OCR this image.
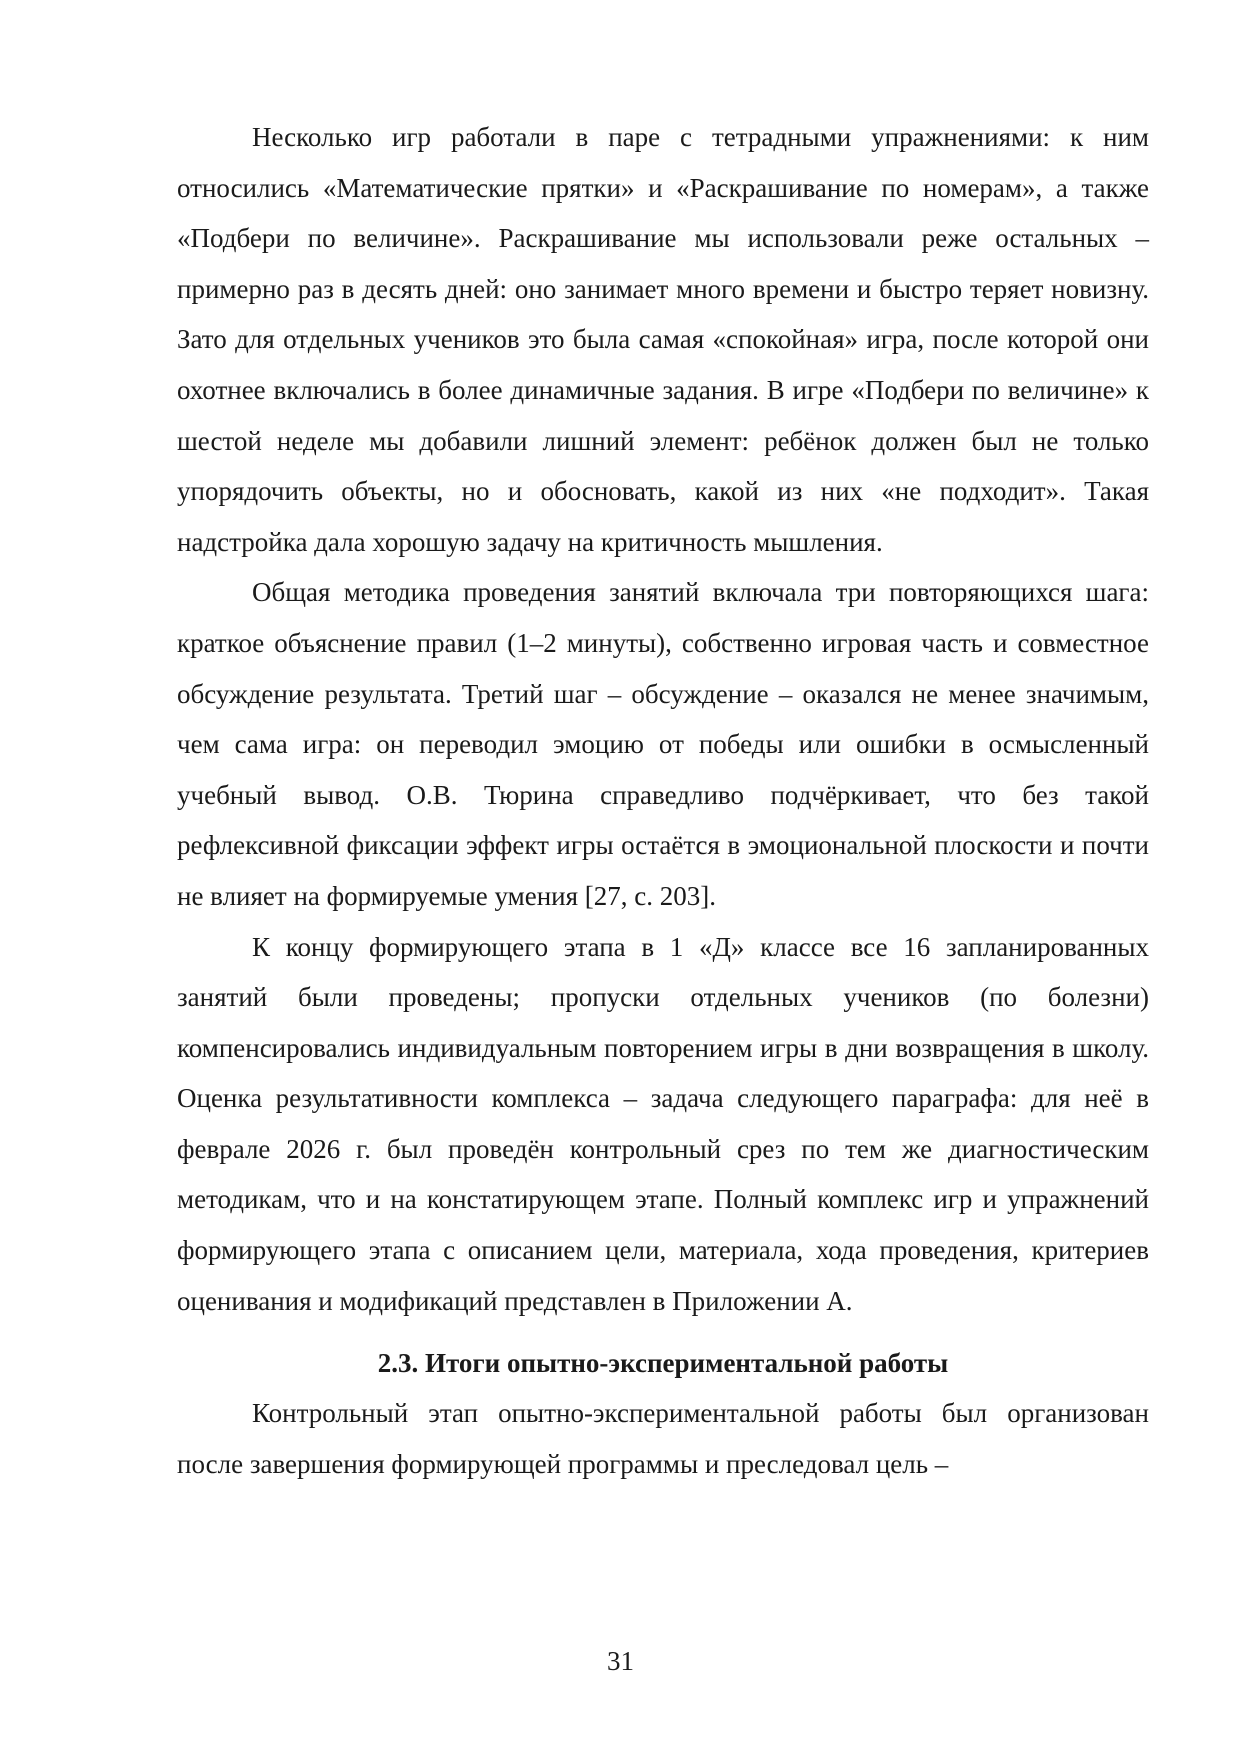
Несколько игр работали в паре с тетрадными упражнениями: к ним относились «Математические прятки» и «Раскрашивание по номерам», а также «Подбери по величине». Раскрашивание мы использовали реже остальных – примерно раз в десять дней: оно занимает много времени и быстро теряет новизну. Зато для отдельных учеников это была самая «спокойная» игра, после которой они охотнее включались в более динамичные задания. В игре «Подбери по величине» к шестой неделе мы добавили лишний элемент: ребёнок должен был не только упорядочить объекты, но и обосновать, какой из них «не подходит». Такая надстройка дала хорошую задачу на критичность мышления.

Общая методика проведения занятий включала три повторяющихся шага: краткое объяснение правил (1–2 минуты), собственно игровая часть и совместное обсуждение результата. Третий шаг – обсуждение – оказался не менее значимым, чем сама игра: он переводил эмоцию от победы или ошибки в осмысленный учебный вывод. О.В. Тюрина справедливо подчёркивает, что без такой рефлексивной фиксации эффект игры остаётся в эмоциональной плоскости и почти не влияет на формируемые умения [27, с. 203].

К концу формирующего этапа в 1 «Д» классе все 16 запланированных занятий были проведены; пропуски отдельных учеников (по болезни) компенсировались индивидуальным повторением игры в дни возвращения в школу. Оценка результативности комплекса – задача следующего параграфа: для неё в феврале 2026 г. был проведён контрольный срез по тем же диагностическим методикам, что и на констатирующем этапе. Полный комплекс игр и упражнений формирующего этапа с описанием цели, материала, хода проведения, критериев оценивания и модификаций представлен в Приложении А.

2.3. Итоги опытно-экспериментальной работы

Контрольный этап опытно-экспериментальной работы был организован после завершения формирующей программы и преследовал цель –

31
